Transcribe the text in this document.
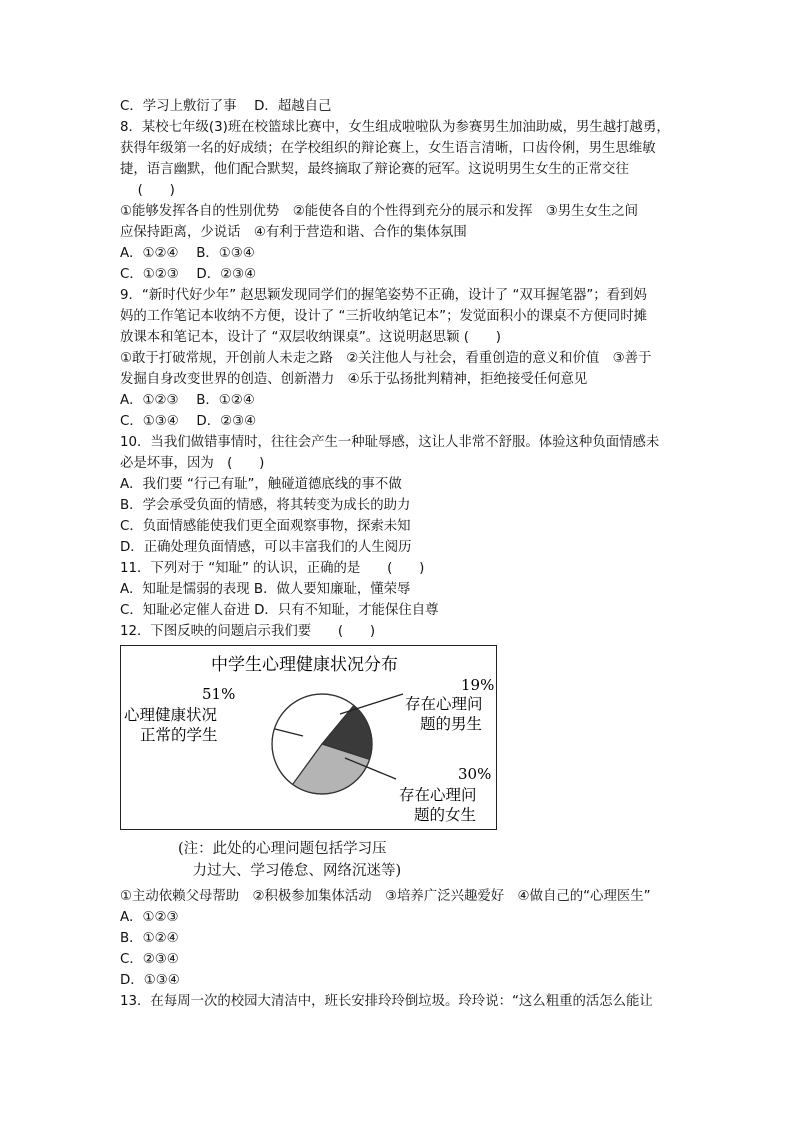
C．学习上敷衍了事　 D．超越自己
8．某校七年级(3)班在校篮球比赛中，女生组成啦啦队为参赛男生加油助威，男生越打越勇，
获得年级第一名的好成绩；在学校组织的辩论赛上，女生语言清晰，口齿伶俐，男生思维敏
捷，语言幽默，他们配合默契，最终摘取了辩论赛的冠军。这说明男生女生的正常交往
　 (　　)
①能够发挥各自的性别优势　②能使各自的个性得到充分的展示和发挥　③男生女生之间
应保持距离，少说话　④有利于营造和谐、合作的集体氛围
A．①②④　 B．①③④
C．①②③　 D．②③④
9．“新时代好少年” 赵思颖发现同学们的握笔姿势不正确，设计了 “双耳握笔器”；看到妈
妈的工作笔记本收纳不方便，设计了 “三折收纳笔记本”；发觉面积小的课桌不方便同时摊
放课本和笔记本，设计了 “双层收纳课桌”。这说明赵思颖 (　　)
①敢于打破常规，开创前人未走之路　②关注他人与社会，看重创造的意义和价值　③善于
发掘自身改变世界的创造、创新潜力　④乐于弘扬批判精神，拒绝接受任何意见
A．①②③　 B．①②④
C．①③④　 D．②③④
10．当我们做错事情时，往往会产生一种耻辱感，这让人非常不舒服。体验这种负面情感未
必是坏事，因为　(　　)
A．我们要 “行己有耻”，触碰道德底线的事不做
B．学会承受负面的情感，将其转变为成长的助力
C．负面情感能使我们更全面观察事物，探索未知
D．正确处理负面情感，可以丰富我们的人生阅历
11．下列对于 “知耻” 的认识，正确的是　　(　　)
A．知耻是懦弱的表现 B．做人要知廉耻，懂荣辱
C．知耻必定催人奋进 D．只有不知耻，才能保住自尊
12．下图反映的问题启示我们要　　(　　)
中学生心理健康状况分布
51%
心理健康状况
正常的学生
19%
存在心理问
题的男生
30%
存在心理问
题的女生
(注：此处的心理问题包括学习压
　力过大、学习倦怠、网络沉迷等)
①主动依赖父母帮助　②积极参加集体活动　③培养广泛兴趣爱好　④做自己的“心理医生”
A．①②③
B．①②④
C．②③④
D．①③④
13．在每周一次的校园大清洁中，班长安排玲玲倒垃圾。玲玲说：“这么粗重的活怎么能让
